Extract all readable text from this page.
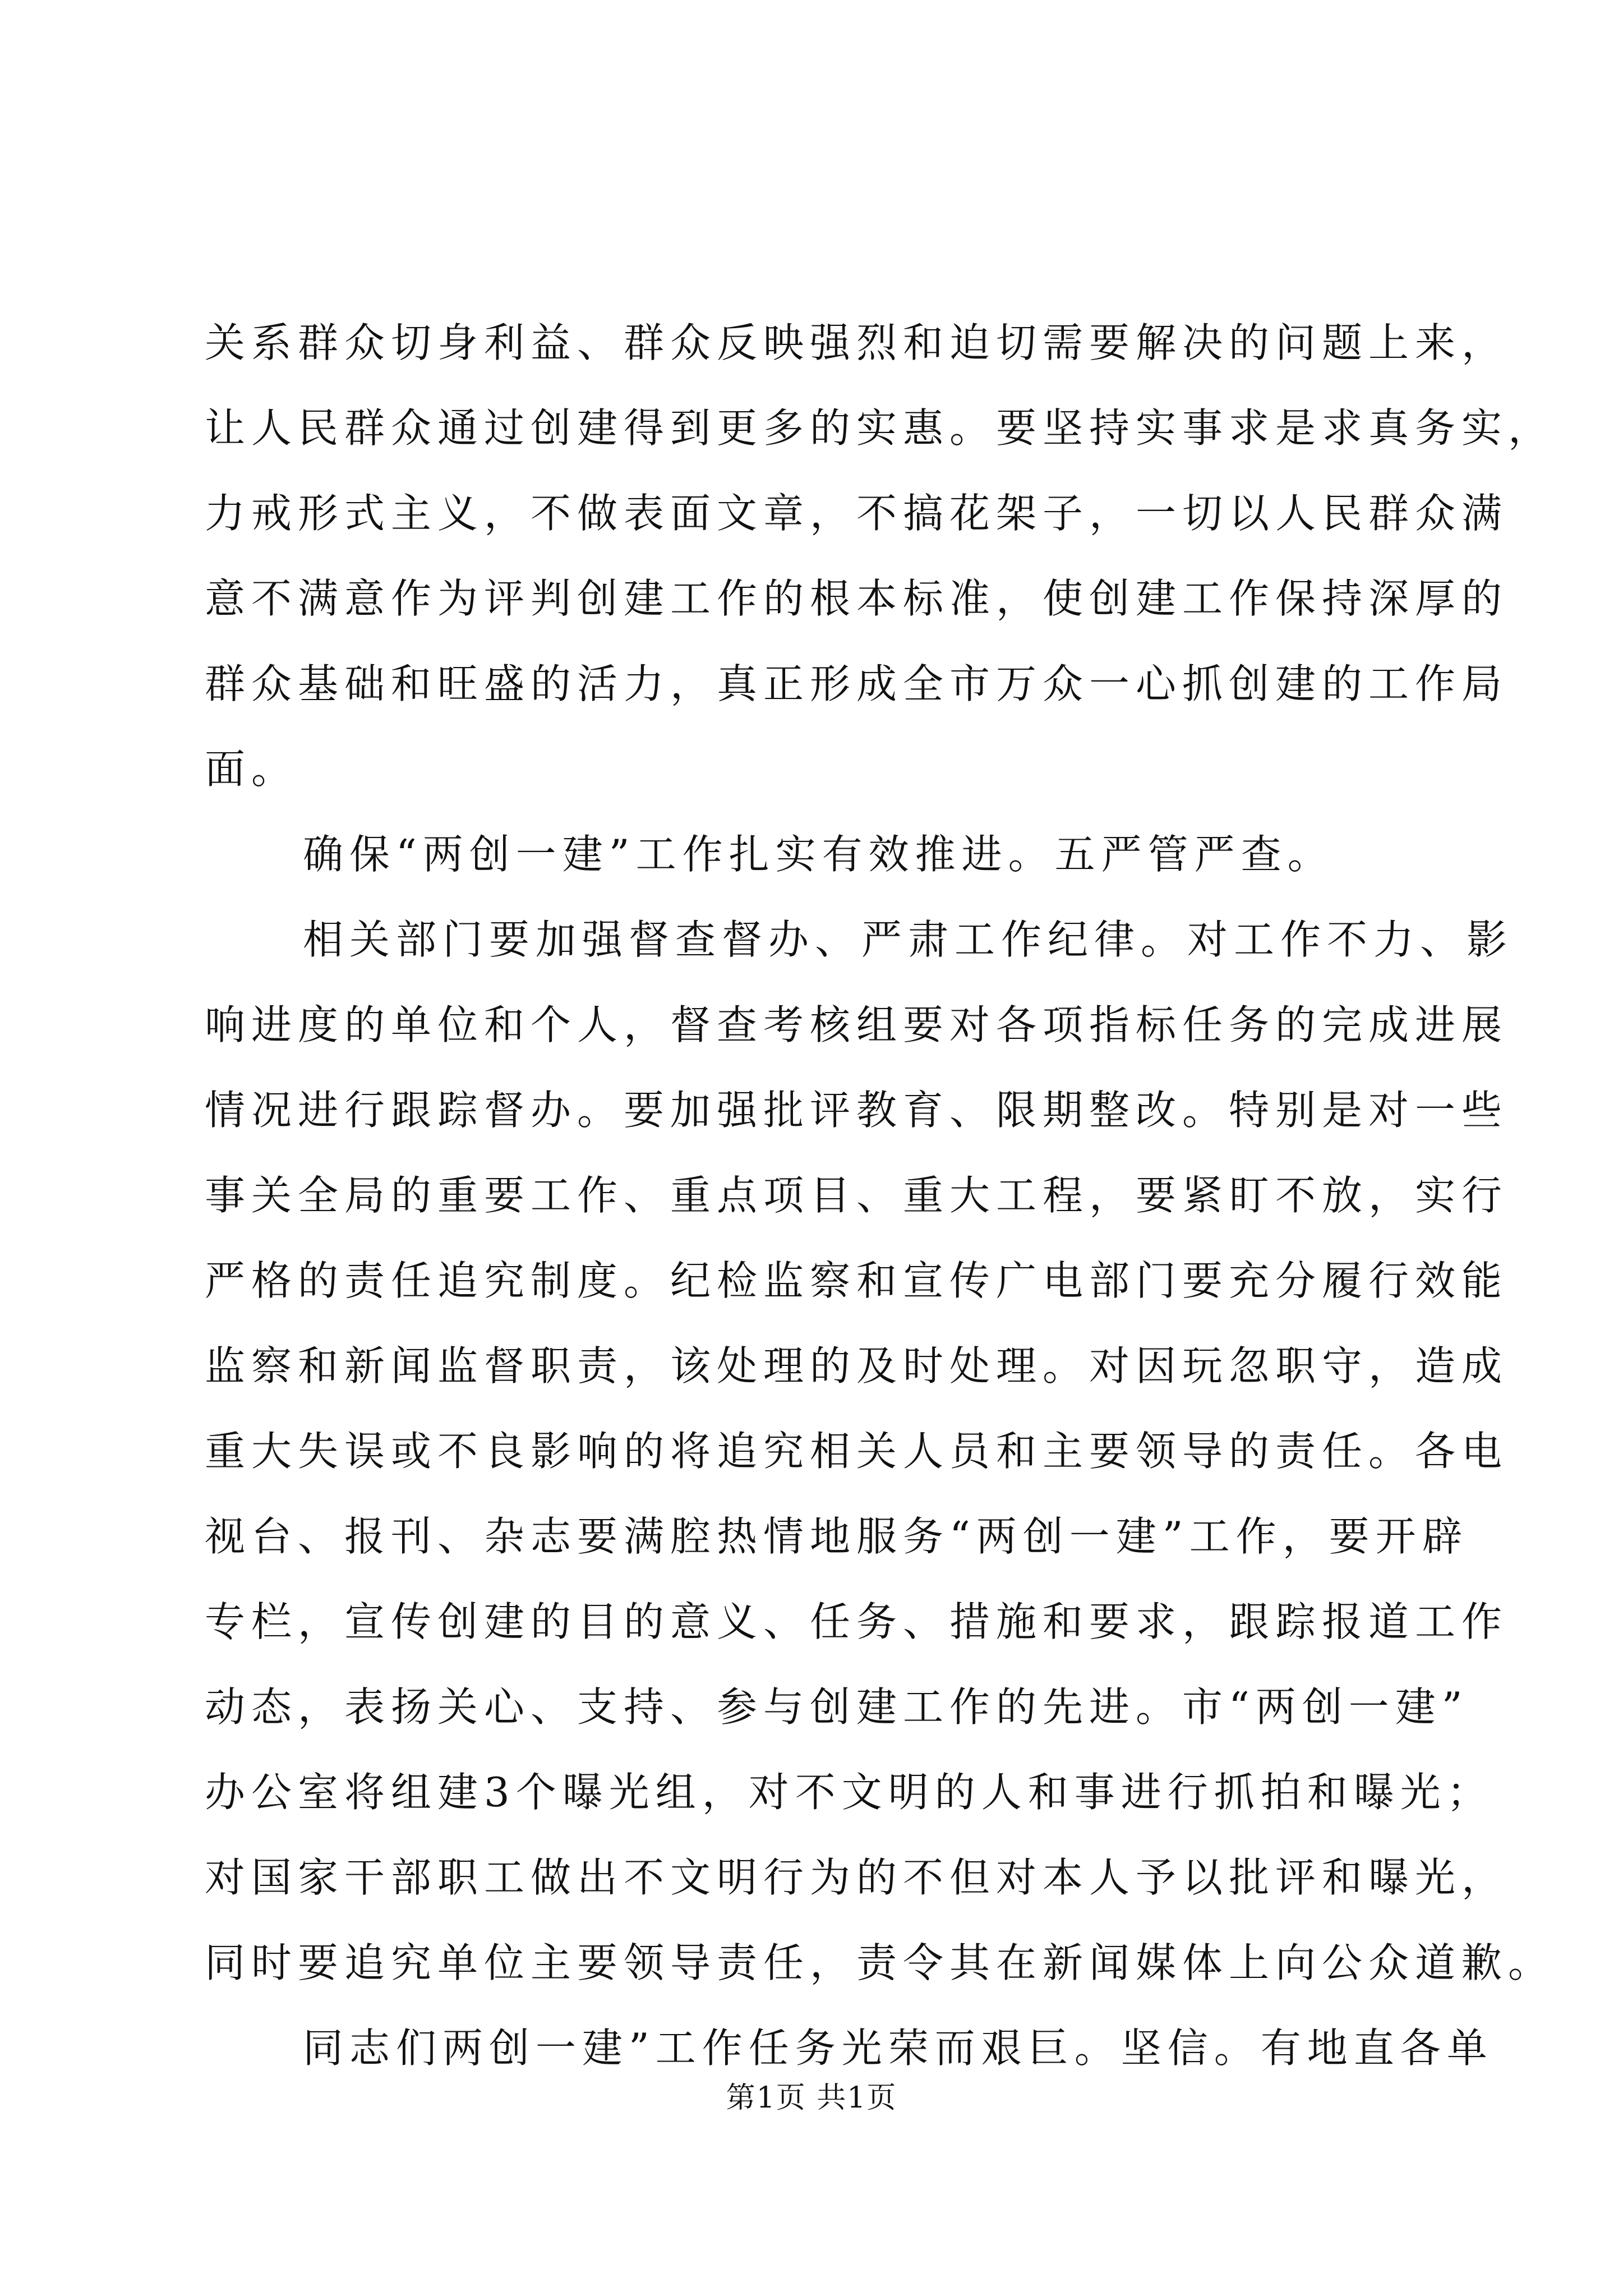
关系群众切身利益、群众反映强烈和迫切需要解决的问题上来，
让人民群众通过创建得到更多的实惠。要坚持实事求是求真务实，
力戒形式主义，不做表面文章，不搞花架子，一切以人民群众满
意不满意作为评判创建工作的根本标准，使创建工作保持深厚的
群众基础和旺盛的活力，真正形成全市万众一心抓创建的工作局
面。
确保“两创一建”工作扎实有效推进。五严管严查。
相关部门要加强督查督办、严肃工作纪律。对工作不力、影
响进度的单位和个人，督查考核组要对各项指标任务的完成进展
情况进行跟踪督办。要加强批评教育、限期整改。特别是对一些
事关全局的重要工作、重点项目、重大工程，要紧盯不放，实行
严格的责任追究制度。纪检监察和宣传广电部门要充分履行效能
监察和新闻监督职责，该处理的及时处理。对因玩忽职守，造成
重大失误或不良影响的将追究相关人员和主要领导的责任。各电
视台、报刊、杂志要满腔热情地服务“两创一建”工作，要开辟
专栏，宣传创建的目的意义、任务、措施和要求，跟踪报道工作
动态，表扬关心、支持、参与创建工作的先进。市“两创一建”
办公室将组建3个曝光组，对不文明的人和事进行抓拍和曝光；
对国家干部职工做出不文明行为的不但对本人予以批评和曝光，
同时要追究单位主要领导责任，责令其在新闻媒体上向公众道歉。
同志们两创一建”工作任务光荣而艰巨。坚信。有地直各单
第1页 共1页
